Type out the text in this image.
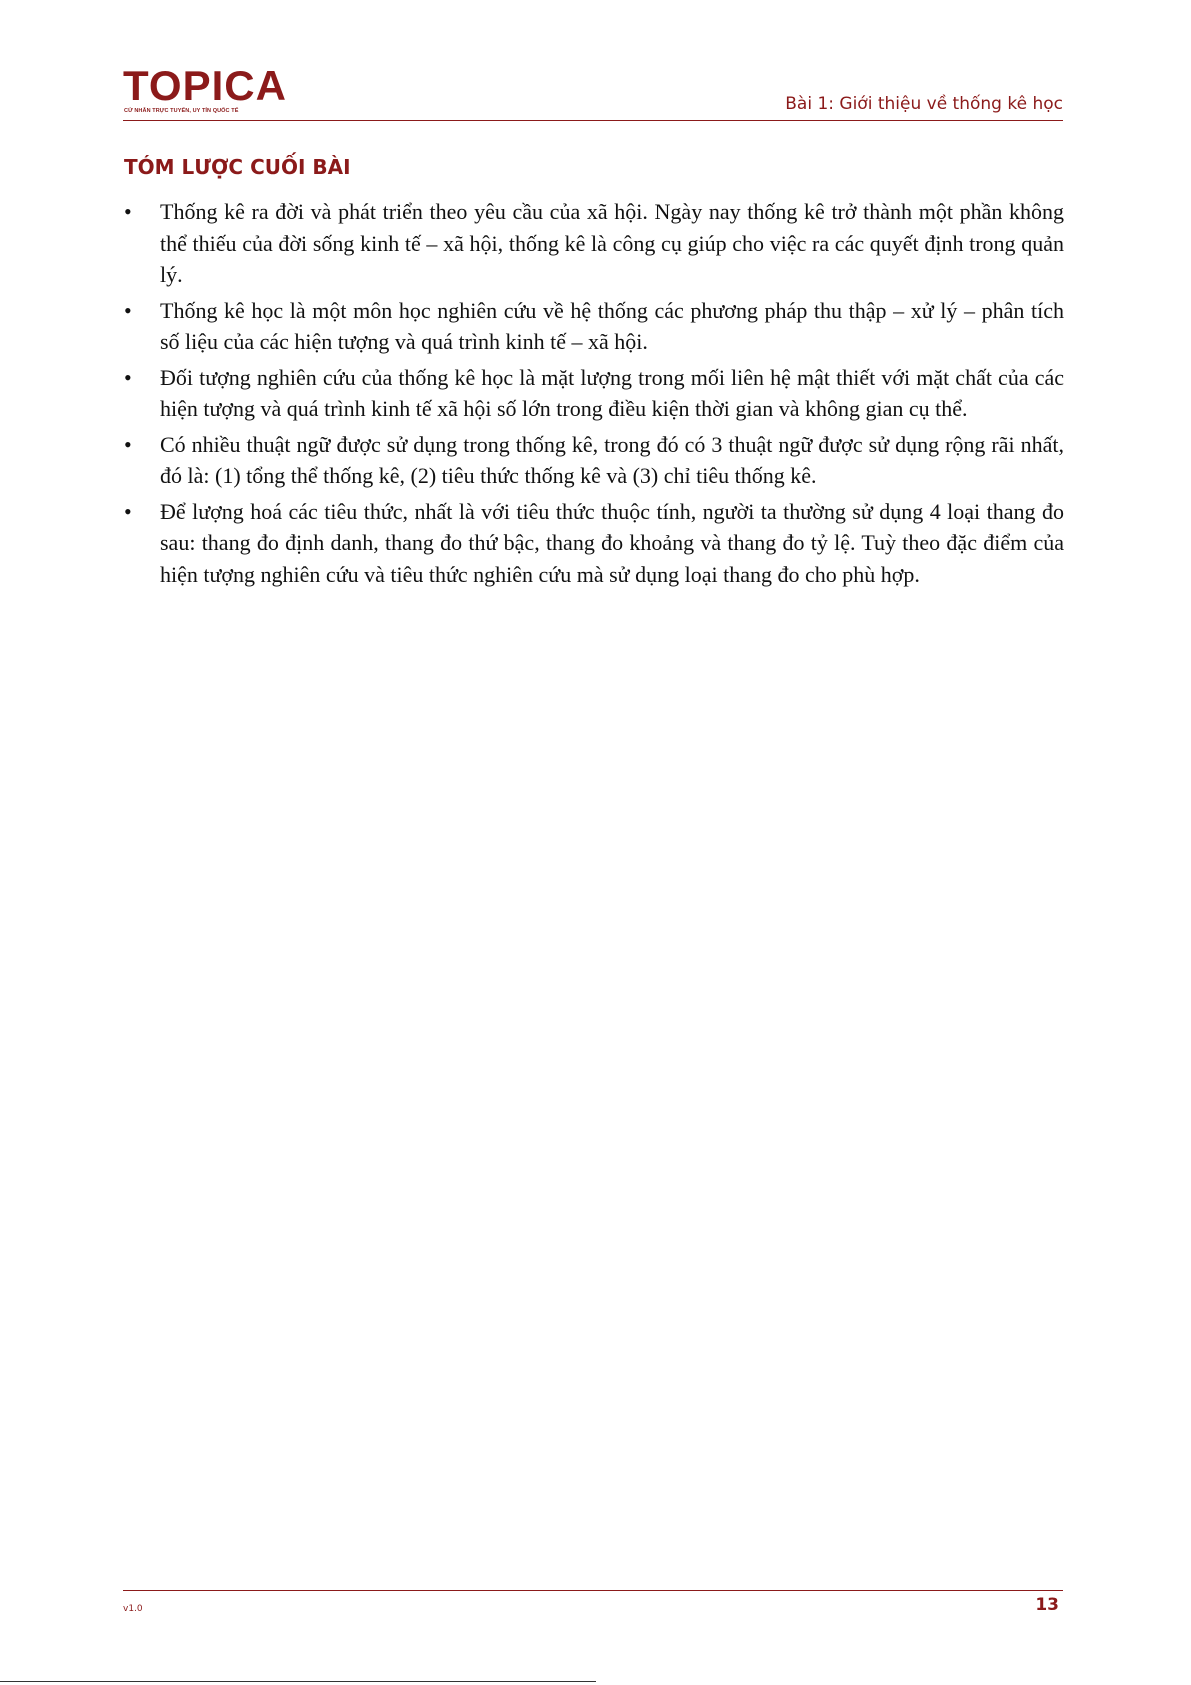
TOPICA
CỬ NHÂN TRỰC TUYẾN, UY TÍN QUỐC TẾ	Bài 1: Giới thiệu về thống kê học
TÓM LƯỢC CUỐI BÀI
• Thống kê ra đời và phát triển theo yêu cầu của xã hội. Ngày nay thống kê trở thành một phần không thể thiếu của đời sống kinh tế – xã hội, thống kê là công cụ giúp cho việc ra các quyết định trong quản lý.
• Thống kê học là một môn học nghiên cứu về hệ thống các phương pháp thu thập – xử lý – phân tích số liệu của các hiện tượng và quá trình kinh tế – xã hội.
• Đối tượng nghiên cứu của thống kê học là mặt lượng trong mối liên hệ mật thiết với mặt chất của các hiện tượng và quá trình kinh tế xã hội số lớn trong điều kiện thời gian và không gian cụ thể.
• Có nhiều thuật ngữ được sử dụng trong thống kê, trong đó có 3 thuật ngữ được sử dụng rộng rãi nhất, đó là: (1) tổng thể thống kê, (2) tiêu thức thống kê và (3) chỉ tiêu thống kê.
• Để lượng hoá các tiêu thức, nhất là với tiêu thức thuộc tính, người ta thường sử dụng 4 loại thang đo sau: thang đo định danh, thang đo thứ bậc, thang đo khoảng và thang đo tỷ lệ. Tuỳ theo đặc điểm của hiện tượng nghiên cứu và tiêu thức nghiên cứu mà sử dụng loại thang đo cho phù hợp.
v1.0	13
